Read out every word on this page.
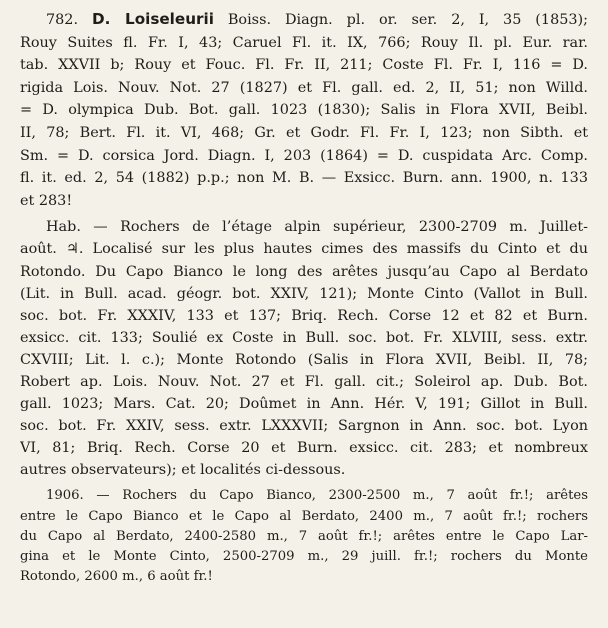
782. D. Loiseleurii Boiss. Diagn. pl. or. ser. 2, I, 35 (1853);
Rouy Suites fl. Fr. I, 43; Caruel Fl. it. IX, 766; Rouy Il. pl. Eur. rar.
tab. XXVII b; Rouy et Fouc. Fl. Fr. II, 211; Coste Fl. Fr. I, 116 = D.
rigida Lois. Nouv. Not. 27 (1827) et Fl. gall. ed. 2, II, 51; non Willd.
= D. olympica Dub. Bot. gall. 1023 (1830); Salis in Flora XVII, Beibl.
II, 78; Bert. Fl. it. VI, 468; Gr. et Godr. Fl. Fr. I, 123; non Sibth. et
Sm. = D. corsica Jord. Diagn. I, 203 (1864) = D. cuspidata Arc. Comp.
fl. it. ed. 2, 54 (1882) p.p.; non M. B. — Exsicc. Burn. ann. 1900, n. 133
et 283!
Hab. — Rochers de l’étage alpin supérieur, 2300-2709 m. Juillet-
août. ♃. Localisé sur les plus hautes cimes des massifs du Cinto et du
Rotondo. Du Capo Bianco le long des arêtes jusqu’au Capo al Berdato
(Lit. in Bull. acad. géogr. bot. XXIV, 121); Monte Cinto (Vallot in Bull.
soc. bot. Fr. XXXIV, 133 et 137; Briq. Rech. Corse 12 et 82 et Burn.
exsicc. cit. 133; Soulié ex Coste in Bull. soc. bot. Fr. XLVIII, sess. extr.
CXVIII; Lit. l. c.); Monte Rotondo (Salis in Flora XVII, Beibl. II, 78;
Robert ap. Lois. Nouv. Not. 27 et Fl. gall. cit.; Soleirol ap. Dub. Bot.
gall. 1023; Mars. Cat. 20; Doûmet in Ann. Hér. V, 191; Gillot in Bull.
soc. bot. Fr. XXIV, sess. extr. LXXXVII; Sargnon in Ann. soc. bot. Lyon
VI, 81; Briq. Rech. Corse 20 et Burn. exsicc. cit. 283; et nombreux
autres observateurs); et localités ci-dessous.
1906. — Rochers du Capo Bianco, 2300-2500 m., 7 août fr.!; arêtes
entre le Capo Bianco et le Capo al Berdato, 2400 m., 7 août fr.!; rochers
du Capo al Berdato, 2400-2580 m., 7 août fr.!; arêtes entre le Capo Lar-
gina et le Monte Cinto, 2500-2709 m., 29 juill. fr.!; rochers du Monte
Rotondo, 2600 m., 6 août fr.!
